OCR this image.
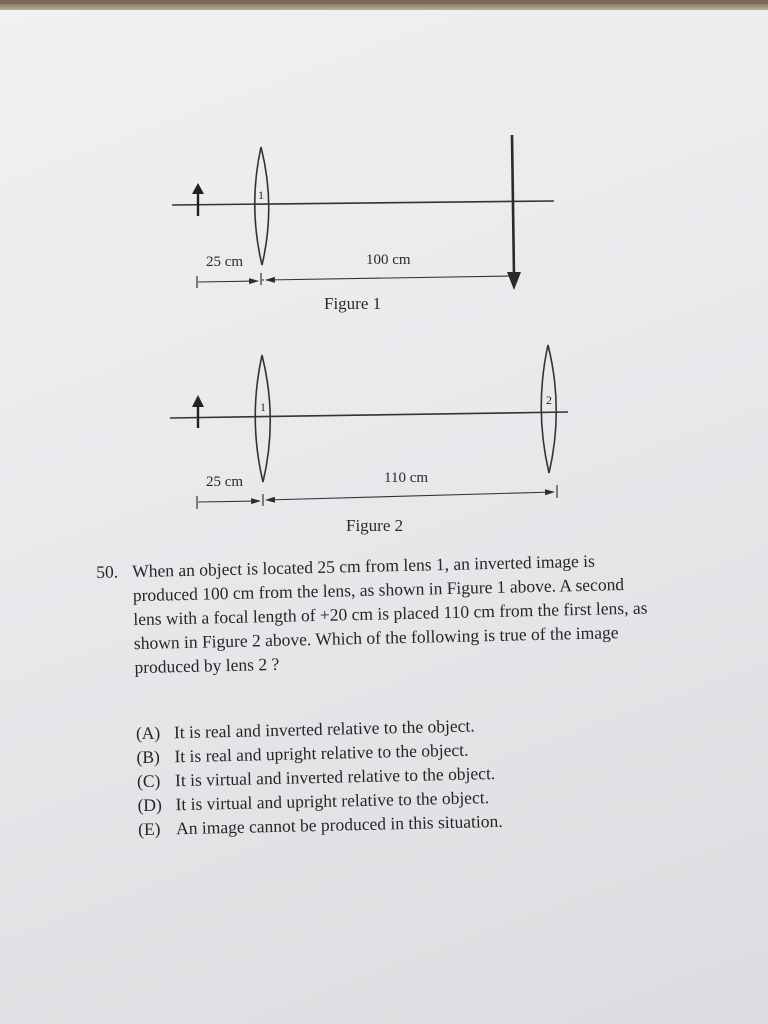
1
25 cm	100 cm
Figure 1
1	2
25 cm	110 cm
Figure 2
50. When an object is located 25 cm from lens 1, an inverted image is produced 100 cm from the lens, as shown in Figure 1 above. A second lens with a focal length of +20 cm is placed 110 cm from the first lens, as shown in Figure 2 above. Which of the following is true of the image produced by lens 2 ?
(A) It is real and inverted relative to the object.
(B) It is real and upright relative to the object.
(C) It is virtual and inverted relative to the object.
(D) It is virtual and upright relative to the object.
(E) An image cannot be produced in this situation.
